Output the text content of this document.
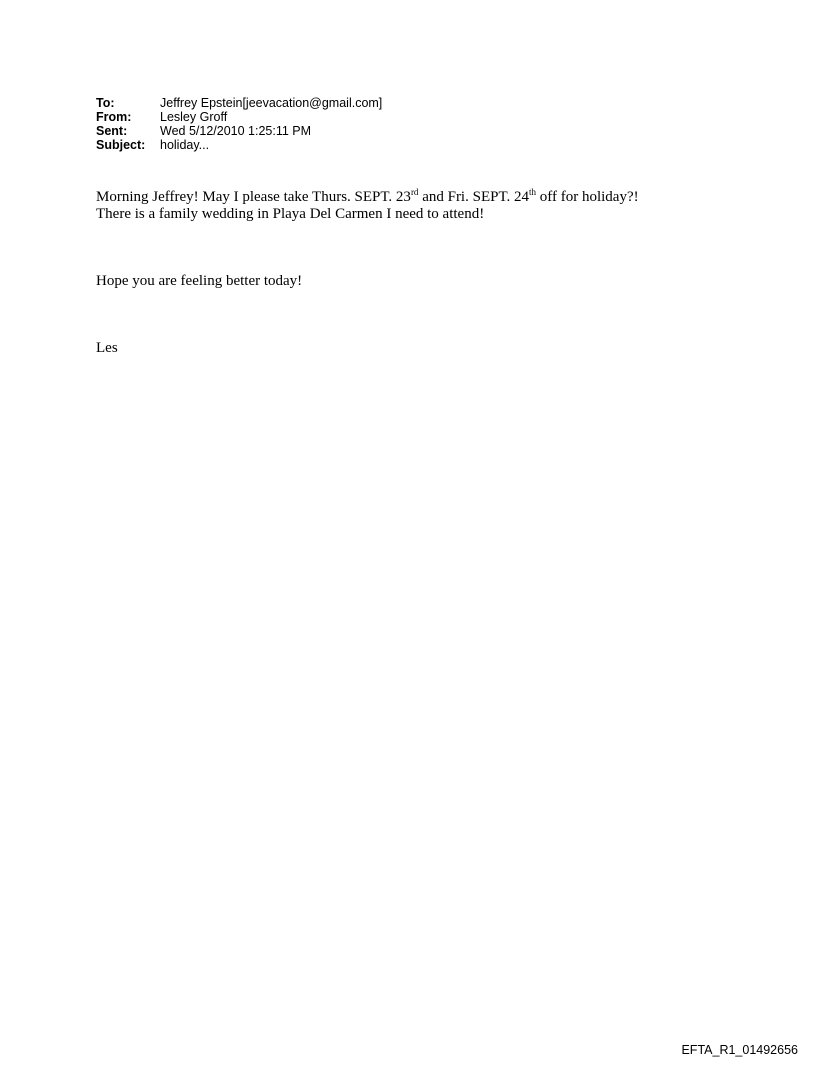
To:	Jeffrey Epstein[jeevacation@gmail.com]
From:	Lesley Groff
Sent:	Wed 5/12/2010 1:25:11 PM
Subject:	holiday...

Morning Jeffrey! May I please take Thurs. SEPT. 23rd and Fri. SEPT. 24th off for holiday?!

There is a family wedding in Playa Del Carmen I need to attend!

Hope you are feeling better today!

Les

EFTA_R1_01492656
